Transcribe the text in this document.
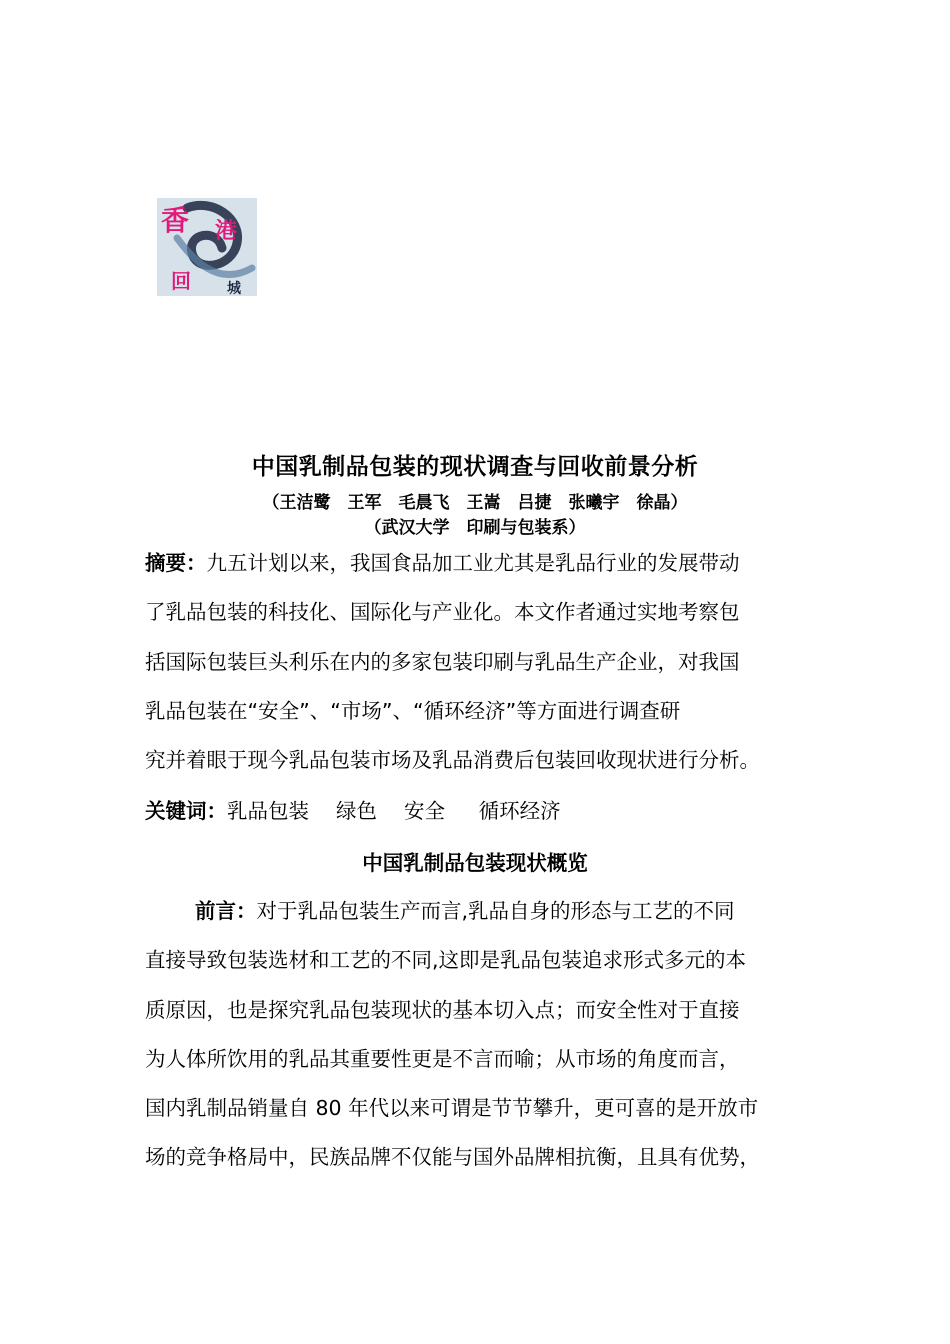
香 港
回	城
中国乳制品包装的现状调查与回收前景分析
（王洁鹭　王军　毛晨飞　王嵩　吕捷　张曦宇　徐晶）
（武汉大学　印刷与包装系）
摘要：九五计划以来，我国食品加工业尤其是乳品行业的发展带动
了乳品包装的科技化、国际化与产业化。本文作者通过实地考察包
括国际包装巨头利乐在内的多家包装印刷与乳品生产企业，对我国
乳品包装在“安全”、“市场”、“循环经济”等方面进行调查研
究并着眼于现今乳品包装市场及乳品消费后包装回收现状进行分析。
关键词：乳品包装　 绿色　 安全　  循环经济
中国乳制品包装现状概览
前言：对于乳品包装生产而言,乳品自身的形态与工艺的不同
直接导致包装选材和工艺的不同,这即是乳品包装追求形式多元的本
质原因，也是探究乳品包装现状的基本切入点；而安全性对于直接
为人体所饮用的乳品其重要性更是不言而喻；从市场的角度而言，
国内乳制品销量自 80 年代以来可谓是节节攀升，更可喜的是开放市
场的竞争格局中，民族品牌不仅能与国外品牌相抗衡，且具有优势，
